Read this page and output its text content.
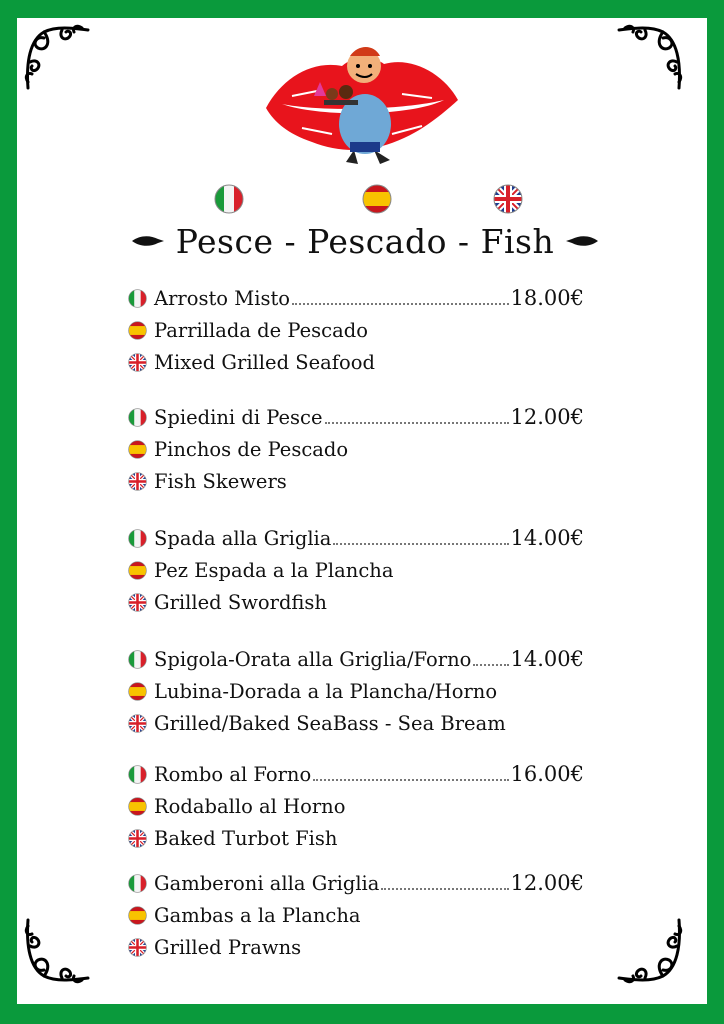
Pesce - Pescado - Fish
Arrosto Misto	18.00€
Parrillada de Pescado
Mixed Grilled Seafood
Spiedini di Pesce	12.00€
Pinchos de Pescado
Fish Skewers
Spada alla Griglia	14.00€
Pez Espada a la Plancha
Grilled Swordfish
Spigola-Orata alla Griglia/Forno 14.00€
Lubina-Dorada a la Plancha/Horno
Grilled/Baked SeaBass - Sea Bream
Rombo al Forno	16.00€
Rodaballo al Horno
Baked Turbot Fish
Gamberoni alla Griglia	12.00€
Gambas a la Plancha
Grilled Prawns
